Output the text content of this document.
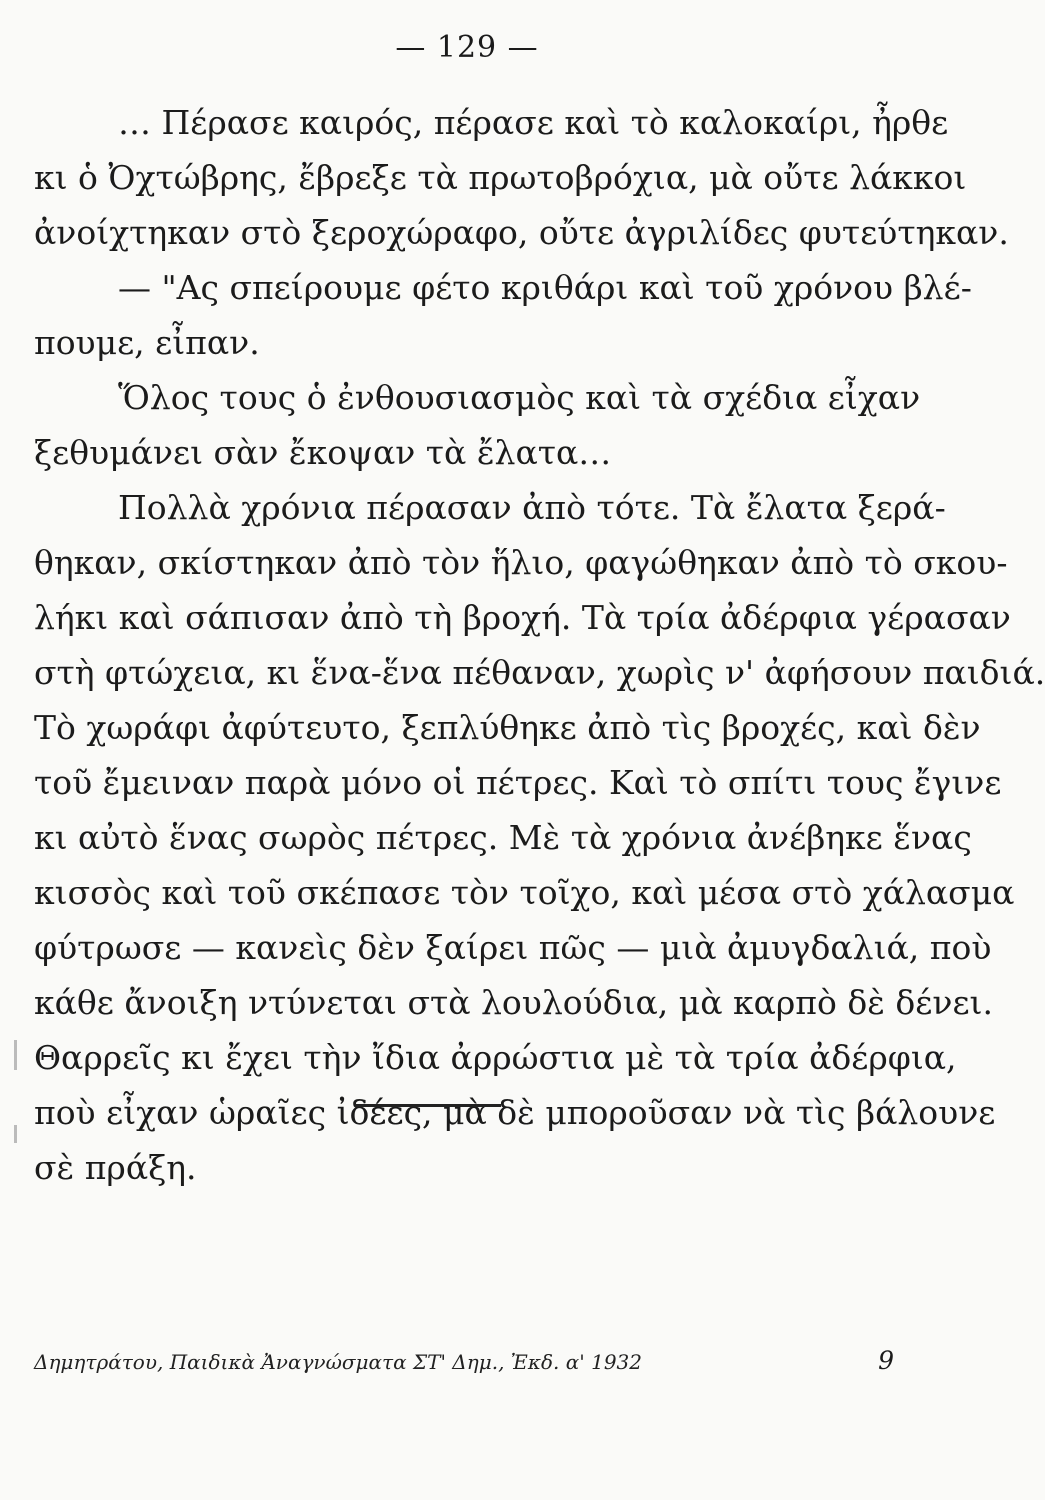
— 129 —
… Πέρασε καιρός, πέρασε καὶ τὸ καλοκαίρι, ἦρθε
κι ὁ Ὀχτώβρης, ἔβρεξε τὰ πρωτοβρόχια, μὰ οὔτε λάκκοι
ἀνοίχτηκαν στὸ ξεροχώραφο, οὔτε ἀγριλίδες φυτεύτηκαν.
— "Ας σπείρουμε φέτο κριθάρι καὶ τοῦ χρόνου βλέ-
πουμε, εἶπαν.
Ὅλος τους ὁ ἐνθουσιασμὸς καὶ τὰ σχέδια εἶχαν
ξεθυμάνει σὰν ἔκοψαν τὰ ἔλατα…
Πολλὰ χρόνια πέρασαν ἀπὸ τότε. Τὰ ἔλατα ξερά-
θηκαν, σκίστηκαν ἀπὸ τὸν ἥλιο, φαγώθηκαν ἀπὸ τὸ σκου-
λήκι καὶ σάπισαν ἀπὸ τὴ βροχή. Τὰ τρία ἀδέρφια γέρασαν
στὴ φτώχεια, κι ἕνα-ἕνα πέθαναν, χωρὶς ν' ἀφήσουν παιδιά.
Τὸ χωράφι ἀφύτευτο, ξεπλύθηκε ἀπὸ τὶς βροχές, καὶ δὲν
τοῦ ἔμειναν παρὰ μόνο οἱ πέτρες. Καὶ τὸ σπίτι τους ἔγινε
κι αὐτὸ ἕνας σωρὸς πέτρες. Μὲ τὰ χρόνια ἀνέβηκε ἕνας
κισσὸς καὶ τοῦ σκέπασε τὸν τοῖχο, καὶ μέσα στὸ χάλασμα
φύτρωσε — κανεὶς δὲν ξαίρει πῶς — μιὰ ἀμυγδαλιά, ποὺ
κάθε ἄνοιξη ντύνεται στὰ λουλούδια, μὰ καρπὸ δὲ δένει.
Θαρρεῖς κι ἔχει τὴν ἴδια ἀρρώστια μὲ τὰ τρία ἀδέρφια,
ποὺ εἶχαν ὡραῖες ἰδέες, μὰ δὲ μποροῦσαν νὰ τὶς βάλουνε
σὲ πράξη.
Δημητράτου, Παιδικὰ Ἀναγνώσματα ΣΤ' Δημ., Ἐκδ. α' 1932	9
